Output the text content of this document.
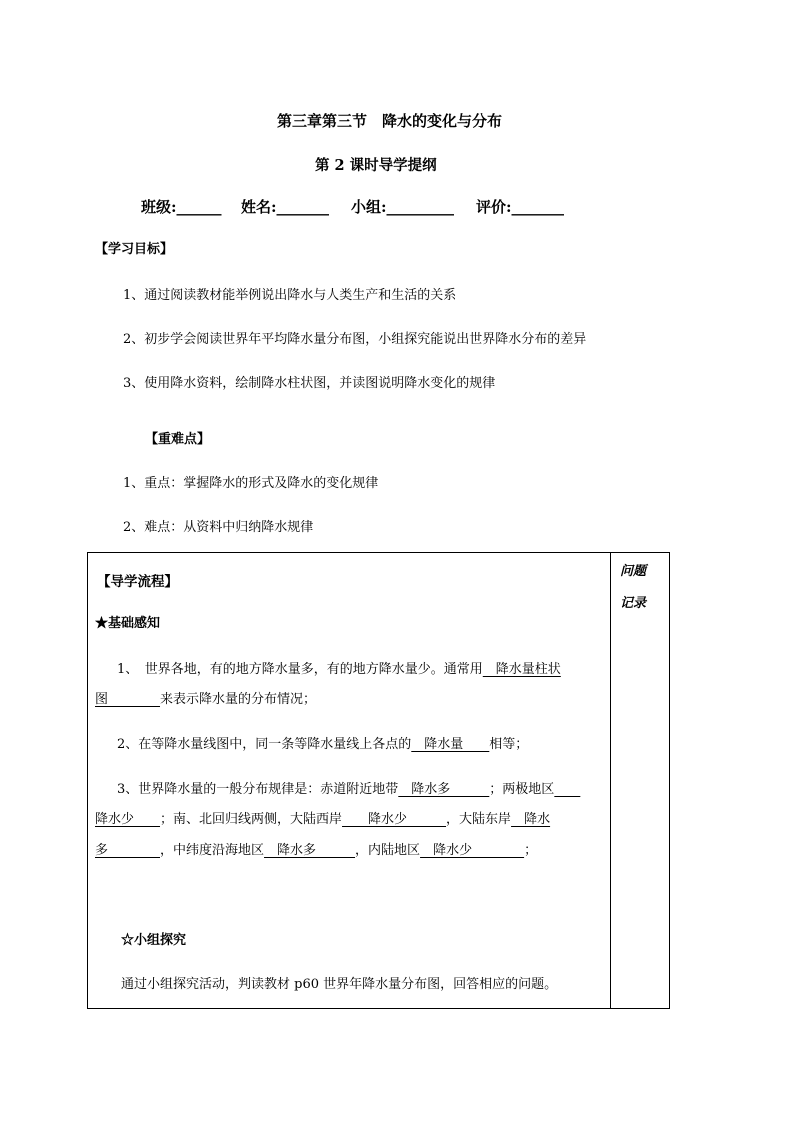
第三章第三节　降水的变化与分布
第 2 课时导学提纲
班级:______ 姓名:_______ 小组:_________ 评价:_______
【学习目标】
1、通过阅读教材能举例说出降水与人类生产和生活的关系
2、初步学会阅读世界年平均降水量分布图，小组探究能说出世界降水分布的差异
3、使用降水资料，绘制降水柱状图，并读图说明降水变化的规律
【重难点】
1、重点：掌握降水的形式及降水的变化规律
2、难点：从资料中归纳降水规律
【导学流程】
★基础感知
1、　世界各地，有的地方降水量多，有的地方降水量少。通常用　降水量柱状
图　　　　来表示降水量的分布情况；
2、在等降水量线图中，同一条等降水量线上各点的　降水量　　相等；
3、世界降水量的一般分布规律是：赤道附近地带　降水多　　　；两极地区　　
降水少　　；南、北回归线两侧，大陆西岸　　降水少　　　，大陆东岸　降水
多　　　　，中纬度沿海地区　降水多　　　，内陆地区　降水少　　　　；
☆小组探究
通过小组探究活动，判读教材 p60 世界年降水量分布图，回答相应的问题。
问题
记录
